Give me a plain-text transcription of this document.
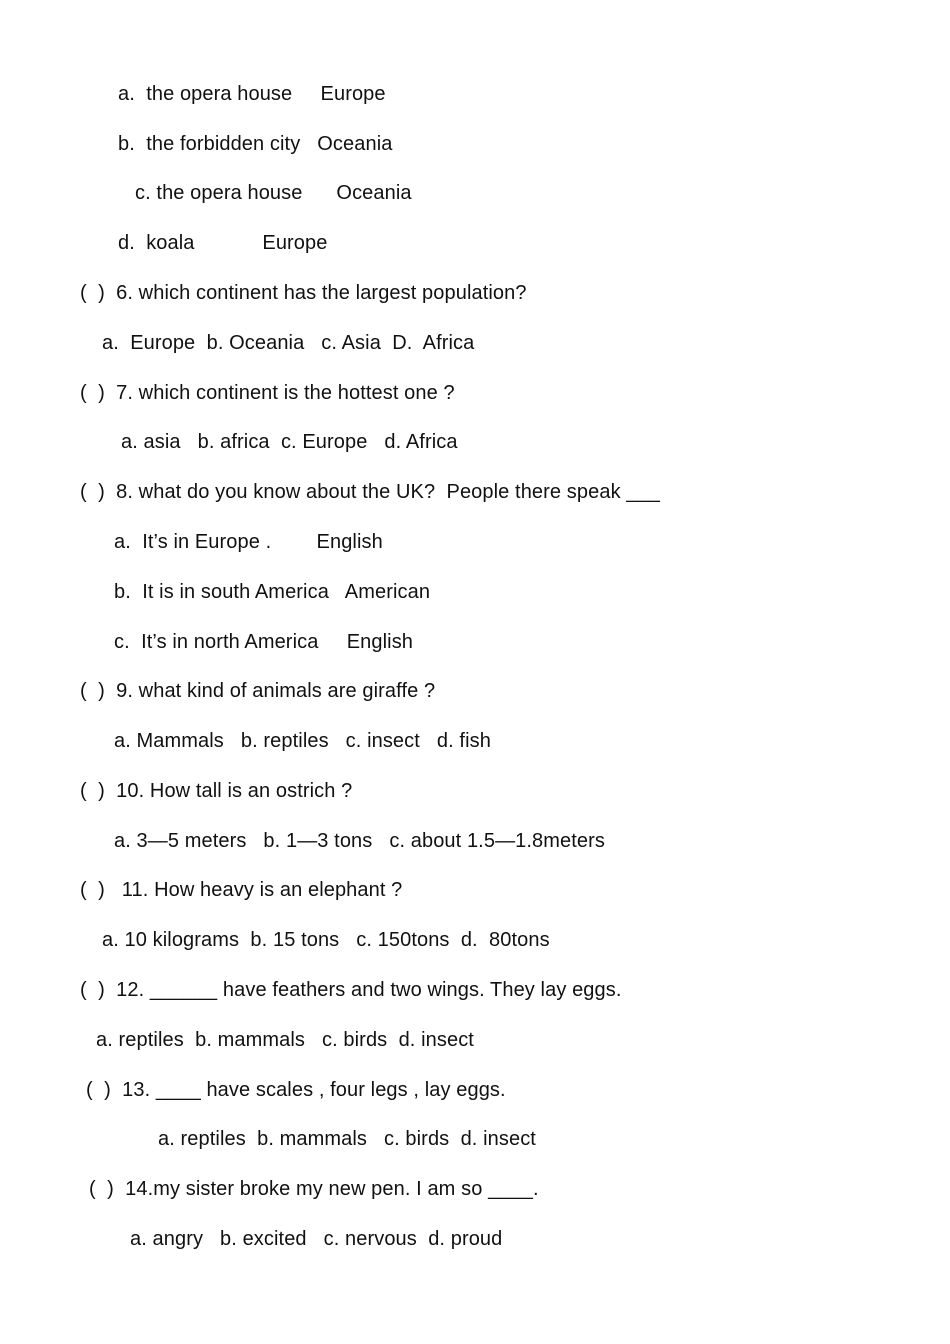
a.  the opera house     Europe
b.  the forbidden city   Oceania
c. the opera house      Oceania
d.  koala            Europe
(  )  6. which continent has the largest population?
a.  Europe  b. Oceania   c. Asia  D.  Africa
(  )  7. which continent is the hottest one ?
a. asia   b. africa  c. Europe   d. Africa
(  )  8. what do you know about the UK?  People there speak ___
a.  It’s in Europe .        English
b.  It is in south America   American
c.  It’s in north America     English
(  )  9. what kind of animals are giraffe ?
a. Mammals   b. reptiles   c. insect   d. fish
(  )  10. How tall is an ostrich ?
a. 3—5 meters   b. 1—3 tons   c. about 1.5—1.8meters
(  )   11. How heavy is an elephant ?
a. 10 kilograms  b. 15 tons   c. 150tons  d.  80tons
(  )  12. ______ have feathers and two wings. They lay eggs.
a. reptiles  b. mammals   c. birds  d. insect
(  )  13. ____ have scales , four legs , lay eggs.
a. reptiles  b. mammals   c. birds  d. insect
(  )  14.my sister broke my new pen. I am so ____.
a. angry   b. excited   c. nervous  d. proud
